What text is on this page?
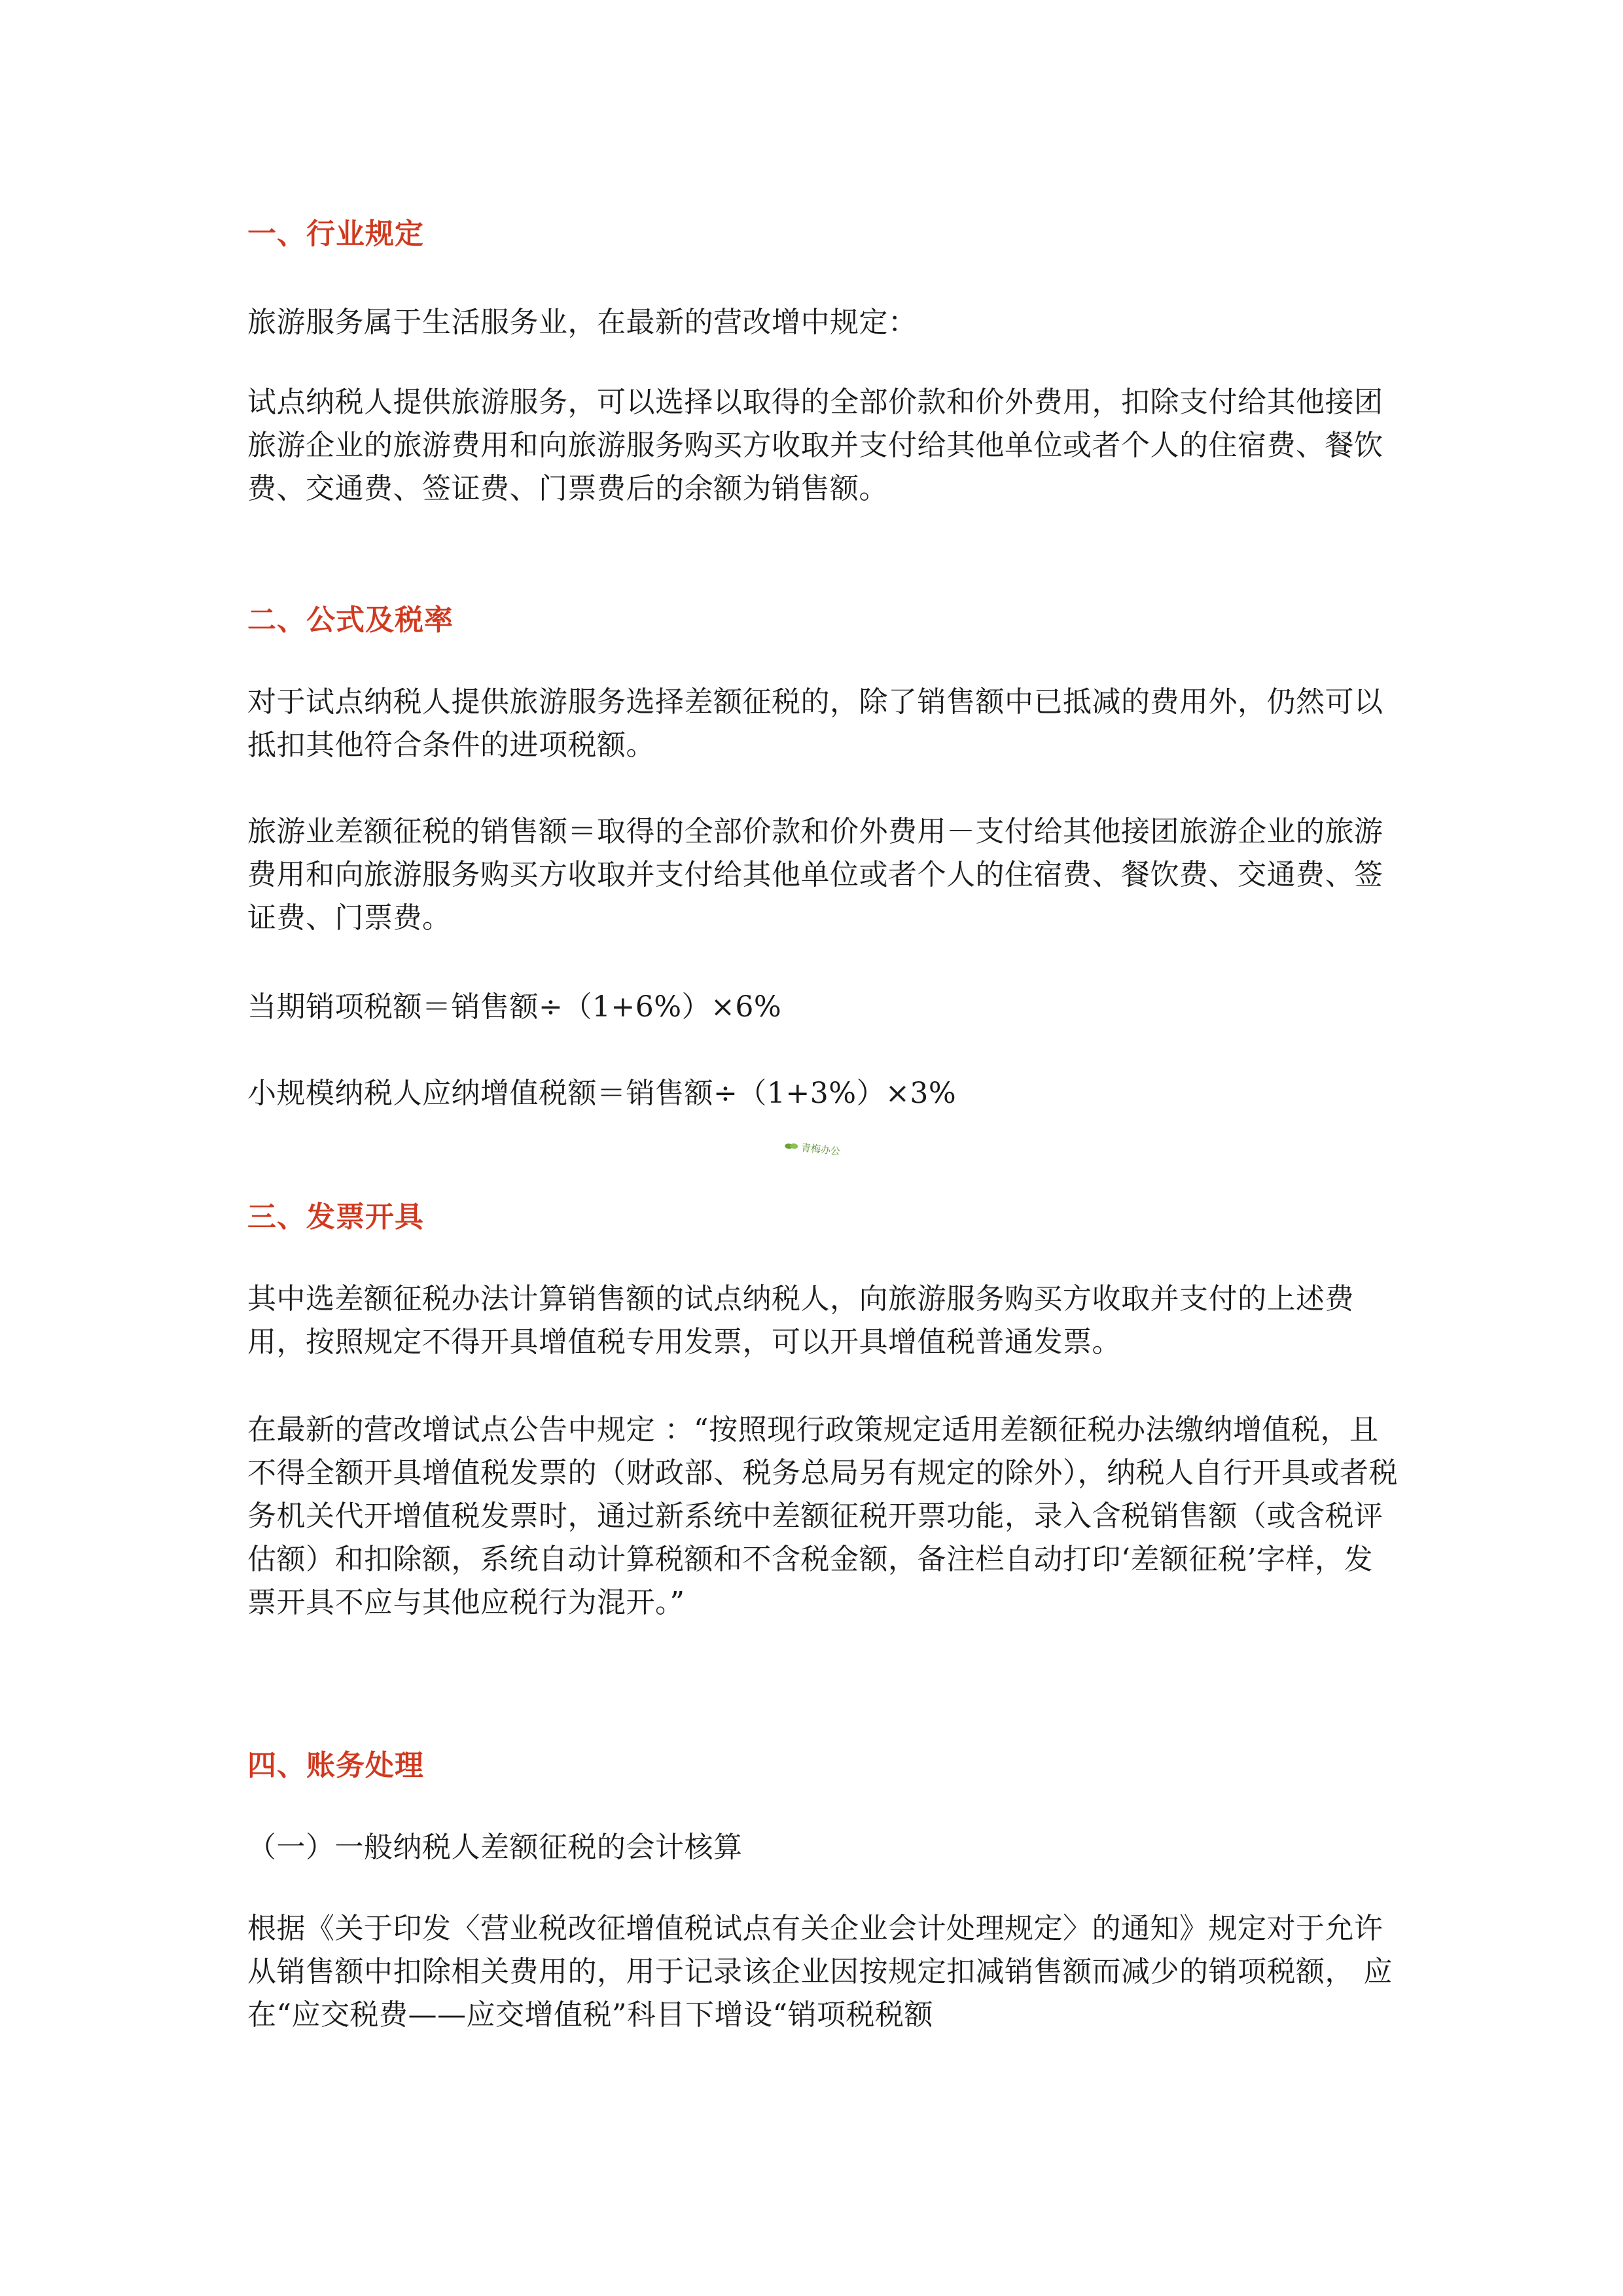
一、行业规定

旅游服务属于生活服务业，在最新的营改增中规定：

试点纳税人提供旅游服务，可以选择以取得的全部价款和价外费用，扣除支付给其他接团旅游企业的旅游费用和向旅游服务购买方收取并支付给其他单位或者个人的住宿费、餐饮费、交通费、签证费、门票费后的余额为销售额。

二、公式及税率

对于试点纳税人提供旅游服务选择差额征税的，除了销售额中已抵减的费用外，仍然可以抵扣其他符合条件的进项税额。

旅游业差额征税的销售额＝取得的全部价款和价外费用－支付给其他接团旅游企业的旅游费用和向旅游服务购买方收取并支付给其他单位或者个人的住宿费、餐饮费、交通费、签证费、门票费。

当期销项税额＝销售额÷（1+6%）×6%

小规模纳税人应纳增值税额＝销售额÷（1+3%）×3%

青梅办公
三、发票开具

其中选差额征税办法计算销售额的试点纳税人，向旅游服务购买方收取并支付的上述费用，按照规定不得开具增值税专用发票，可以开具增值税普通发票。

在最新的营改增试点公告中规定 ：“按照现行政策规定适用差额征税办法缴纳增值税，且不得全额开具增值税发票的（财政部、税务总局另有规定的除外），纳税人自行开具或者税务机关代开增值税发票时，通过新系统中差额征税开票功能，录入含税销售额（或含税评估额）和扣除额，系统自动计算税额和不含税金额，备注栏自动打印‘差额征税’字样，发票开具不应与其他应税行为混开。”

四、账务处理

（一）一般纳税人差额征税的会计核算

根据《关于印发〈营业税改征增值税试点有关企业会计处理规定〉的通知》规定对于允许从销售额中扣除相关费用的，用于记录该企业因按规定扣减销售额而减少的销项税额， 应在“应交税费——应交增值税”科目下增设“销项税税额
